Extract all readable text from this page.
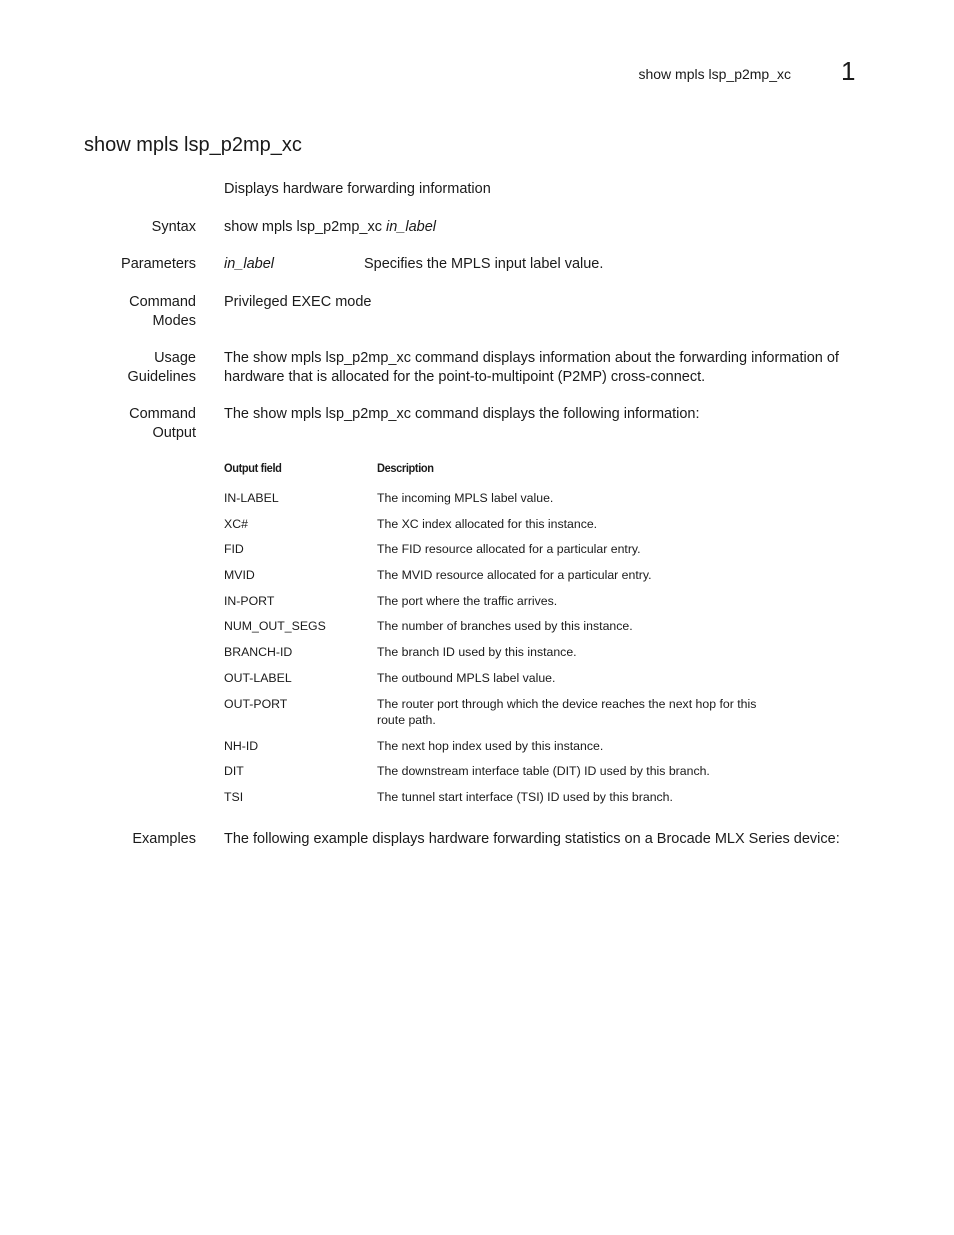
show mpls lsp_p2mp_xc 1
show mpls lsp_p2mp_xc
Displays hardware forwarding information
Syntax show mpls lsp_p2mp_xc in_label
Parameters in_label	Specifies the MPLS input label value.
Command
Modes
Privileged EXEC mode
Usage
Guidelines
The show mpls lsp_p2mp_xc command displays information about the forwarding information of
hardware that is allocated for the point-to-multipoint (P2MP) cross-connect.
Command
Output
The show mpls lsp_p2mp_xc command displays the following information:
Output field	Description
IN-LABEL	The incoming MPLS label value.
XC#	The XC index allocated for this instance.
FID	The FID resource allocated for a particular entry.
MVID	The MVID resource allocated for a particular entry.
IN-PORT	The port where the traffic arrives.
NUM_OUT_SEGS	The number of branches used by this instance.
BRANCH-ID	The branch ID used by this instance.
OUT-LABEL	The outbound MPLS label value.
OUT-PORT	The router port through which the device reaches the next hop for this
route path.
NH-ID	The next hop index used by this instance.
DIT	The downstream interface table (DIT) ID used by this branch.
TSI	The tunnel start interface (TSI) ID used by this branch.
Examples The following example displays hardware forwarding statistics on a Brocade MLX Series device:
